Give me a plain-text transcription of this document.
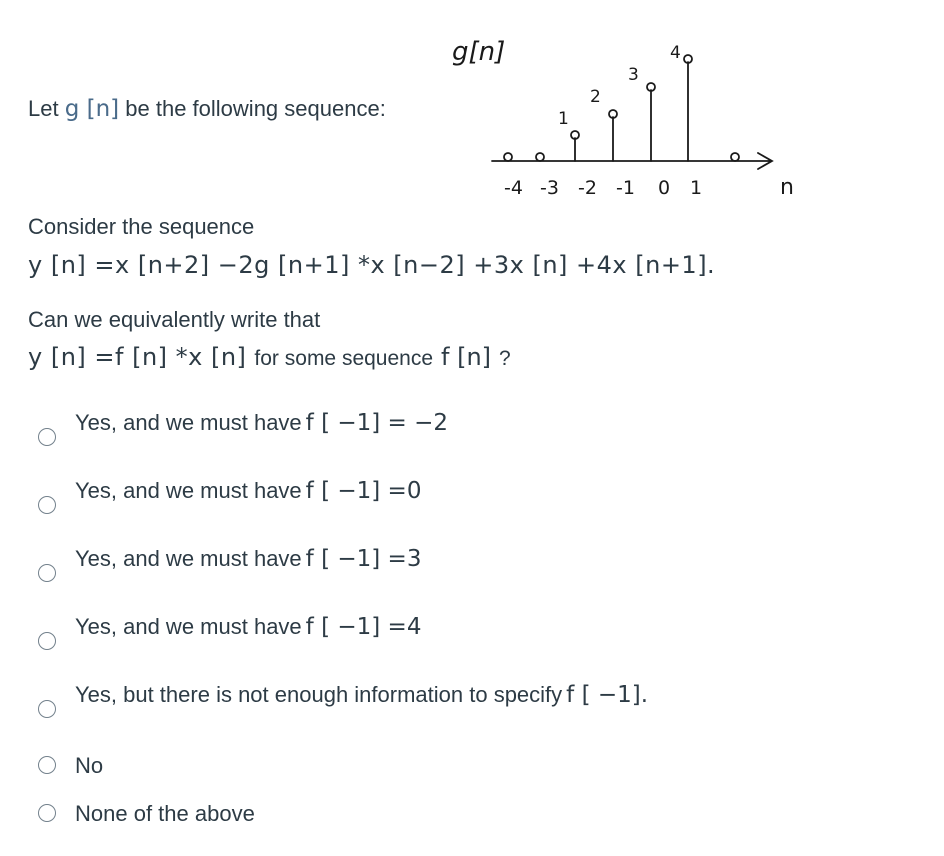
Let g [n] be the following sequence:
g[n]
n
1
2
3
4
-4 -3 -2 -1 0 1
Consider the sequence
y [n] =x [n+2] −2g [n+1] *x [n−2] +3x [n] +4x [n+1].
Can we equivalently write that
y [n] =f [n] *x [n] for some sequence f [n] ?
Yes, and we must have f [ −1] = −2
Yes, and we must have f [ −1] =0
Yes, and we must have f [ −1] =3
Yes, and we must have f [ −1] =4
Yes, but there is not enough information to specify f [ −1].
No
None of the above
